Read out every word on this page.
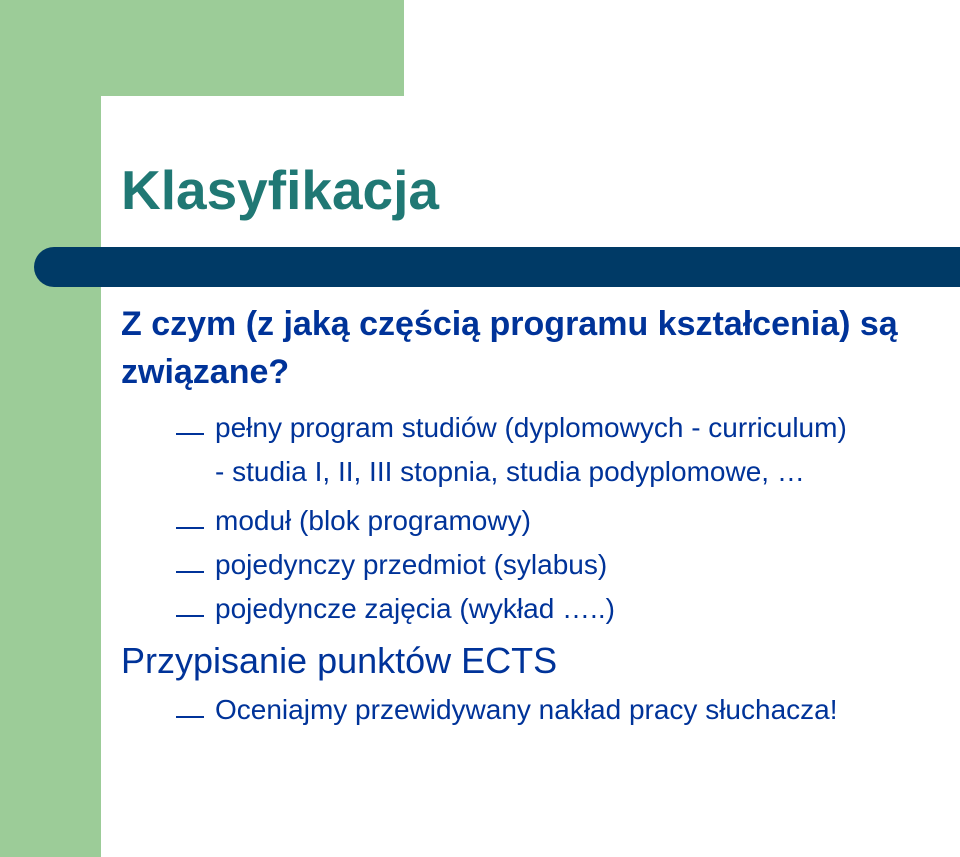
Klasyfikacja
Z czym (z jaką częścią programu kształcenia) są związane?
pełny program studiów (dyplomowych - curriculum)
- studia I, II, III stopnia, studia podyplomowe, …
moduł (blok programowy)
pojedynczy przedmiot (sylabus)
pojedyncze zajęcia (wykład …..)
Przypisanie punktów ECTS
Oceniajmy przewidywany nakład pracy słuchacza!
